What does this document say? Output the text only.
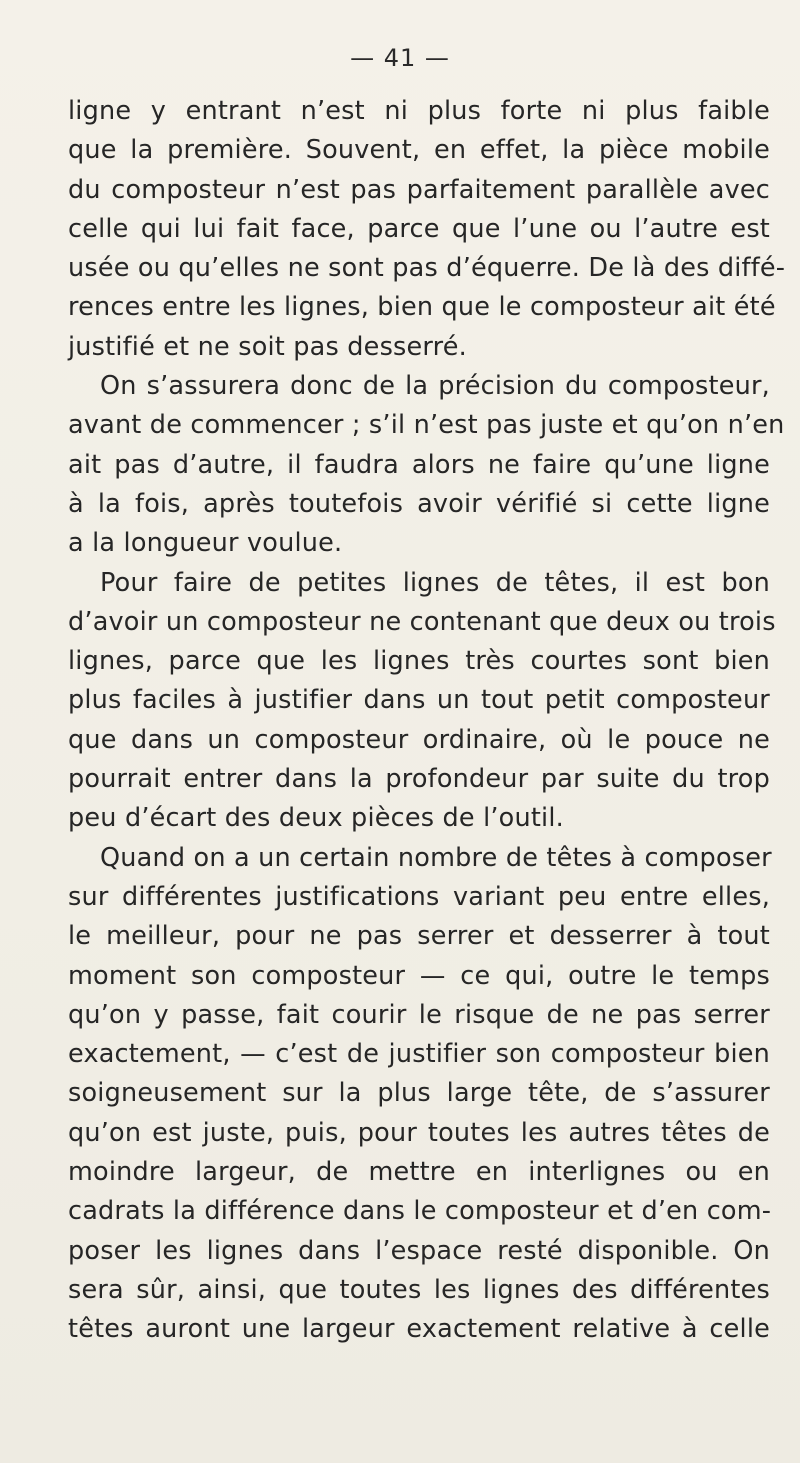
— 41 —
ligne y entrant n’est ni plus forte ni plus faible
que la première. Souvent, en effet, la pièce mobile
du composteur n’est pas parfaitement parallèle avec
celle qui lui fait face, parce que l’une ou l’autre est
usée ou qu’elles ne sont pas d’équerre. De là des diffé-
rences entre les lignes, bien que le composteur ait été
justifié et ne soit pas desserré.
On s’assurera donc de la précision du composteur,
avant de commencer ; s’il n’est pas juste et qu’on n’en
ait pas d’autre, il faudra alors ne faire qu’une ligne
à la fois, après toutefois avoir vérifié si cette ligne
a la longueur voulue.
Pour faire de petites lignes de têtes, il est bon
d’avoir un composteur ne contenant que deux ou trois
lignes, parce que les lignes très courtes sont bien
plus faciles à justifier dans un tout petit composteur
que dans un composteur ordinaire, où le pouce ne
pourrait entrer dans la profondeur par suite du trop
peu d’écart des deux pièces de l’outil.
Quand on a un certain nombre de têtes à composer
sur différentes justifications variant peu entre elles,
le meilleur, pour ne pas serrer et desserrer à tout
moment son composteur — ce qui, outre le temps
qu’on y passe, fait courir le risque de ne pas serrer
exactement, — c’est de justifier son composteur bien
soigneusement sur la plus large tête, de s’assurer
qu’on est juste, puis, pour toutes les autres têtes de
moindre largeur, de mettre en interlignes ou en
cadrats la différence dans le composteur et d’en com-
poser les lignes dans l’espace resté disponible. On
sera sûr, ainsi, que toutes les lignes des différentes
têtes auront une largeur exactement relative à celle
